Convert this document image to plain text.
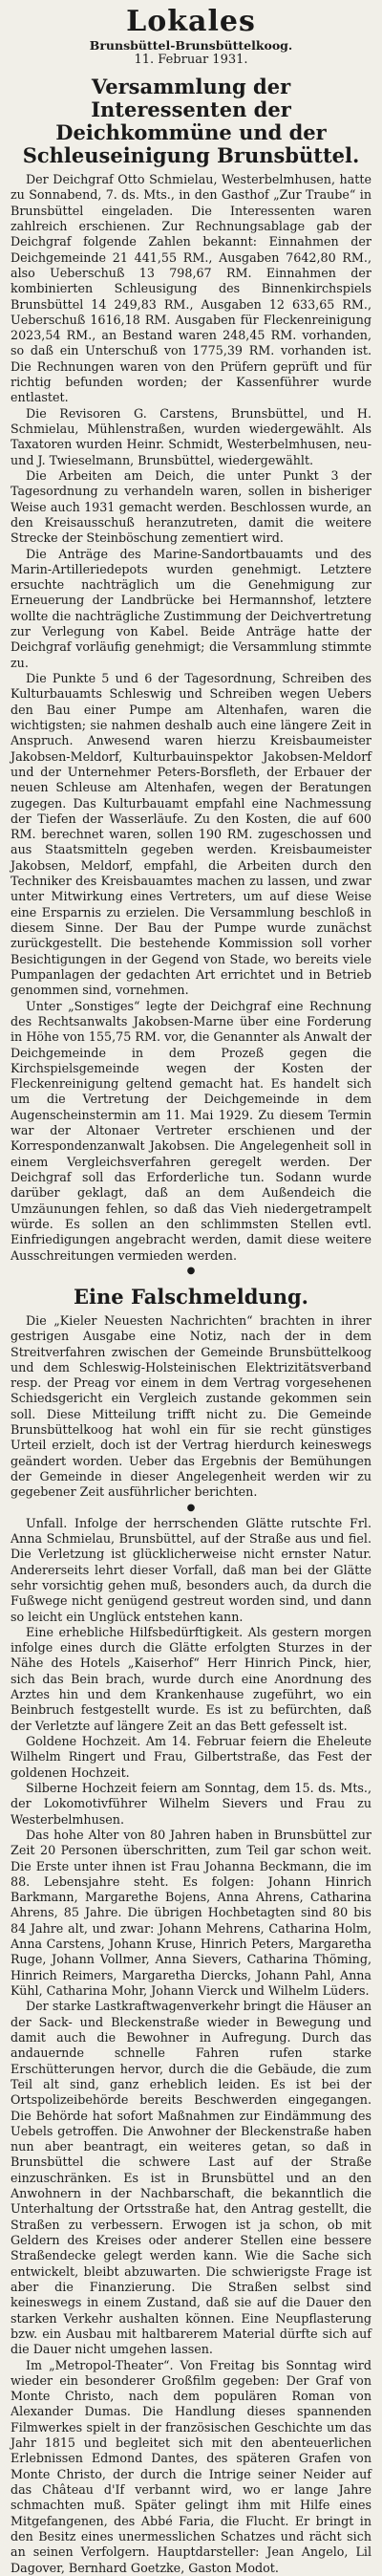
Lokales
Brunsbüttel-Brunsbüttelkoog.
11. Februar 1931.
Versammlung der Interessenten der Deichkommüne und der Schleuseinigung Brunsbüttel.

Der Deichgraf Otto Schmielau, Westerbelmhusen, hatte zu Sonnabend, 7. ds. Mts., in den Gasthof „Zur Traube“ in Brunsbüttel eingeladen. Die Interessenten waren zahlreich erschienen. Zur Rechnungsablage gab der Deichgraf folgende Zahlen bekannt: Einnahmen der Deichgemeinde 21 441,55 RM., Ausgaben 7642,80 RM., also Ueberschuß 13 798,67 RM. Einnahmen der kombinierten Schleusigung des Binnenkirchspiels Brunsbüttel 14 249,83 RM., Ausgaben 12 633,65 RM., Ueberschuß 1616,18 RM. Ausgaben für Fleckenreinigung 2023,54 RM., an Bestand waren 248,45 RM. vorhanden, so daß ein Unterschuß von 1775,39 RM. vorhanden ist. Die Rechnungen waren von den Prüfern geprüft und für richtig befunden worden; der Kassenführer wurde entlastet.

Die Revisoren G. Carstens, Brunsbüttel, und H. Schmielau, Mühlenstraßen, wurden wiedergewählt. Als Taxatoren wurden Heinr. Schmidt, Westerbelmhusen, neu- und J. Twieselmann, Brunsbüttel, wiedergewählt.

Die Arbeiten am Deich, die unter Punkt 3 der Tagesordnung zu verhandeln waren, sollen in bisheriger Weise auch 1931 gemacht werden. Beschlossen wurde, an den Kreisausschuß heranzutreten, damit die weitere Strecke der Steinböschung zementiert wird.

Die Anträge des Marine-Sandortbauamts und des Marin-Artilleriedepots wurden genehmigt. Letztere ersuchte nachträglich um die Genehmigung zur Erneuerung der Landbrücke bei Hermannshof, letztere wollte die nachträgliche Zustimmung der Deichvertretung zur Verlegung von Kabel. Beide Anträge hatte der Deichgraf vorläufig genehmigt; die Versammlung stimmte zu.

Die Punkte 5 und 6 der Tagesordnung, Schreiben des Kulturbauamts Schleswig und Schreiben wegen Uebers den Bau einer Pumpe am Altenhafen, waren die wichtigsten; sie nahmen deshalb auch eine längere Zeit in Anspruch. Anwesend waren hierzu Kreisbaumeister Jakobsen-Meldorf, Kulturbauinspektor Jakobsen-Meldorf und der Unternehmer Peters-Borsfleth, der Erbauer der neuen Schleuse am Altenhafen, wegen der Beratungen zugegen. Das Kulturbauamt empfahl eine Nachmessung der Tiefen der Wasserläufe. Zu den Kosten, die auf 600 RM. berechnet waren, sollen 190 RM. zugeschossen und aus Staatsmitteln gegeben werden. Kreisbaumeister Jakobsen, Meldorf, empfahl, die Arbeiten durch den Techniker des Kreisbauamtes machen zu lassen, und zwar unter Mitwirkung eines Vertreters, um auf diese Weise eine Ersparnis zu erzielen. Die Versammlung beschloß in diesem Sinne. Der Bau der Pumpe wurde zunächst zurückgestellt. Die bestehende Kommission soll vorher Besichtigungen in der Gegend von Stade, wo bereits viele Pumpanlagen der gedachten Art errichtet und in Betrieb genommen sind, vornehmen.

Unter „Sonstiges“ legte der Deichgraf eine Rechnung des Rechtsanwalts Jakobsen-Marne über eine Forderung in Höhe von 155,75 RM. vor, die Genannter als Anwalt der Deichgemeinde in dem Prozeß gegen die Kirchspielsgemeinde wegen der Kosten der Fleckenreinigung geltend gemacht hat. Es handelt sich um die Vertretung der Deichgemeinde in dem Augenscheinstermin am 11. Mai 1929. Zu diesem Termin war der Altonaer Vertreter erschienen und der Korrespondenzanwalt Jakobsen. Die Angelegenheit soll in einem Vergleichsverfahren geregelt werden. Der Deichgraf soll das Erforderliche tun. Sodann wurde darüber geklagt, daß an dem Außendeich die Umzäunungen fehlen, so daß das Vieh niedergetrampelt würde. Es sollen an den schlimmsten Stellen evtl. Einfriedigungen angebracht werden, damit diese weitere Ausschreitungen vermieden werden.

●
Eine Falschmeldung.

Die „Kieler Neuesten Nachrichten“ brachten in ihrer gestrigen Ausgabe eine Notiz, nach der in dem Streitverfahren zwischen der Gemeinde Brunsbüttelkoog und dem Schleswig-Holsteinischen Elektrizitätsverband resp. der Preag vor einem in dem Vertrag vorgesehenen Schiedsgericht ein Vergleich zustande gekommen sein soll. Diese Mitteilung trifft nicht zu. Die Gemeinde Brunsbüttelkoog hat wohl ein für sie recht günstiges Urteil erzielt, doch ist der Vertrag hierdurch keineswegs geändert worden. Ueber das Ergebnis der Bemühungen der Gemeinde in dieser Angelegenheit werden wir zu gegebener Zeit ausführlicher berichten.

●

Unfall. Infolge der herrschenden Glätte rutschte Frl. Anna Schmielau, Brunsbüttel, auf der Straße aus und fiel. Die Verletzung ist glücklicherweise nicht ernster Natur. Andererseits lehrt dieser Vorfall, daß man bei der Glätte sehr vorsichtig gehen muß, besonders auch, da durch die Fußwege nicht genügend gestreut worden sind, und dann so leicht ein Unglück entstehen kann.

Eine erhebliche Hilfsbedürftigkeit. Als gestern morgen infolge eines durch die Glätte erfolgten Sturzes in der Nähe des Hotels „Kaiserhof“ Herr Hinrich Pinck, hier, sich das Bein brach, wurde durch eine Anordnung des Arztes hin und dem Krankenhause zugeführt, wo ein Beinbruch festgestellt wurde. Es ist zu befürchten, daß der Verletzte auf längere Zeit an das Bett gefesselt ist.

Goldene Hochzeit. Am 14. Februar feiern die Eheleute Wilhelm Ringert und Frau, Gilbertstraße, das Fest der goldenen Hochzeit.

Silberne Hochzeit feiern am Sonntag, dem 15. ds. Mts., der Lokomotivführer Wilhelm Sievers und Frau zu Westerbelmhusen.

Das hohe Alter von 80 Jahren haben in Brunsbüttel zur Zeit 20 Personen überschritten, zum Teil gar schon weit. Die Erste unter ihnen ist Frau Johanna Beckmann, die im 88. Lebensjahre steht. Es folgen: Johann Hinrich Barkmann, Margarethe Bojens, Anna Ahrens, Catharina Ahrens, 85 Jahre. Die übrigen Hochbetagten sind 80 bis 84 Jahre alt, und zwar: Johann Mehrens, Catharina Holm, Anna Carstens, Johann Kruse, Hinrich Peters, Margaretha Ruge, Johann Vollmer, Anna Sievers, Catharina Thöming, Hinrich Reimers, Margaretha Diercks, Johann Pahl, Anna Kühl, Catharina Mohr, Johann Vierck und Wilhelm Lüders.

Der starke Lastkraftwagenverkehr bringt die Häuser an der Sack- und Bleckenstraße wieder in Bewegung und damit auch die Bewohner in Aufregung. Durch das andauernde schnelle Fahren rufen starke Erschütterungen hervor, durch die die Gebäude, die zum Teil alt sind, ganz erheblich leiden. Es ist bei der Ortspolizeibehörde bereits Beschwerden eingegangen. Die Behörde hat sofort Maßnahmen zur Eindämmung des Uebels getroffen. Die Anwohner der Bleckenstraße haben nun aber beantragt, ein weiteres getan, so daß in Brunsbüttel die schwere Last auf der Straße einzuschränken. Es ist in Brunsbüttel und an den Anwohnern in der Nachbarschaft, die bekanntlich die Unterhaltung der Ortsstraße hat, den Antrag gestellt, die Straßen zu verbessern. Erwogen ist ja schon, ob mit Geldern des Kreises oder anderer Stellen eine bessere Straßendecke gelegt werden kann. Wie die Sache sich entwickelt, bleibt abzuwarten. Die schwierigste Frage ist aber die Finanzierung. Die Straßen selbst sind keineswegs in einem Zustand, daß sie auf die Dauer den starken Verkehr aushalten können. Eine Neupflasterung bzw. ein Ausbau mit haltbarerem Material dürfte sich auf die Dauer nicht umgehen lassen.

Im „Metropol-Theater“. Von Freitag bis Sonntag wird wieder ein besonderer Großfilm gegeben: Der Graf von Monte Christo, nach dem populären Roman von Alexander Dumas. Die Handlung dieses spannenden Filmwerkes spielt in der französischen Geschichte um das Jahr 1815 und begleitet sich mit den abenteuerlichen Erlebnissen Edmond Dantes, des späteren Grafen von Monte Christo, der durch die Intrige seiner Neider auf das Château d'If verbannt wird, wo er lange Jahre schmachten muß. Später gelingt ihm mit Hilfe eines Mitgefangenen, des Abbé Faria, die Flucht. Er bringt in den Besitz eines unermesslichen Schatzes und rächt sich an seinen Verfolgern. Hauptdarsteller: Jean Angelo, Lil Dagover, Bernhard Goetzke, Gaston Modot.
